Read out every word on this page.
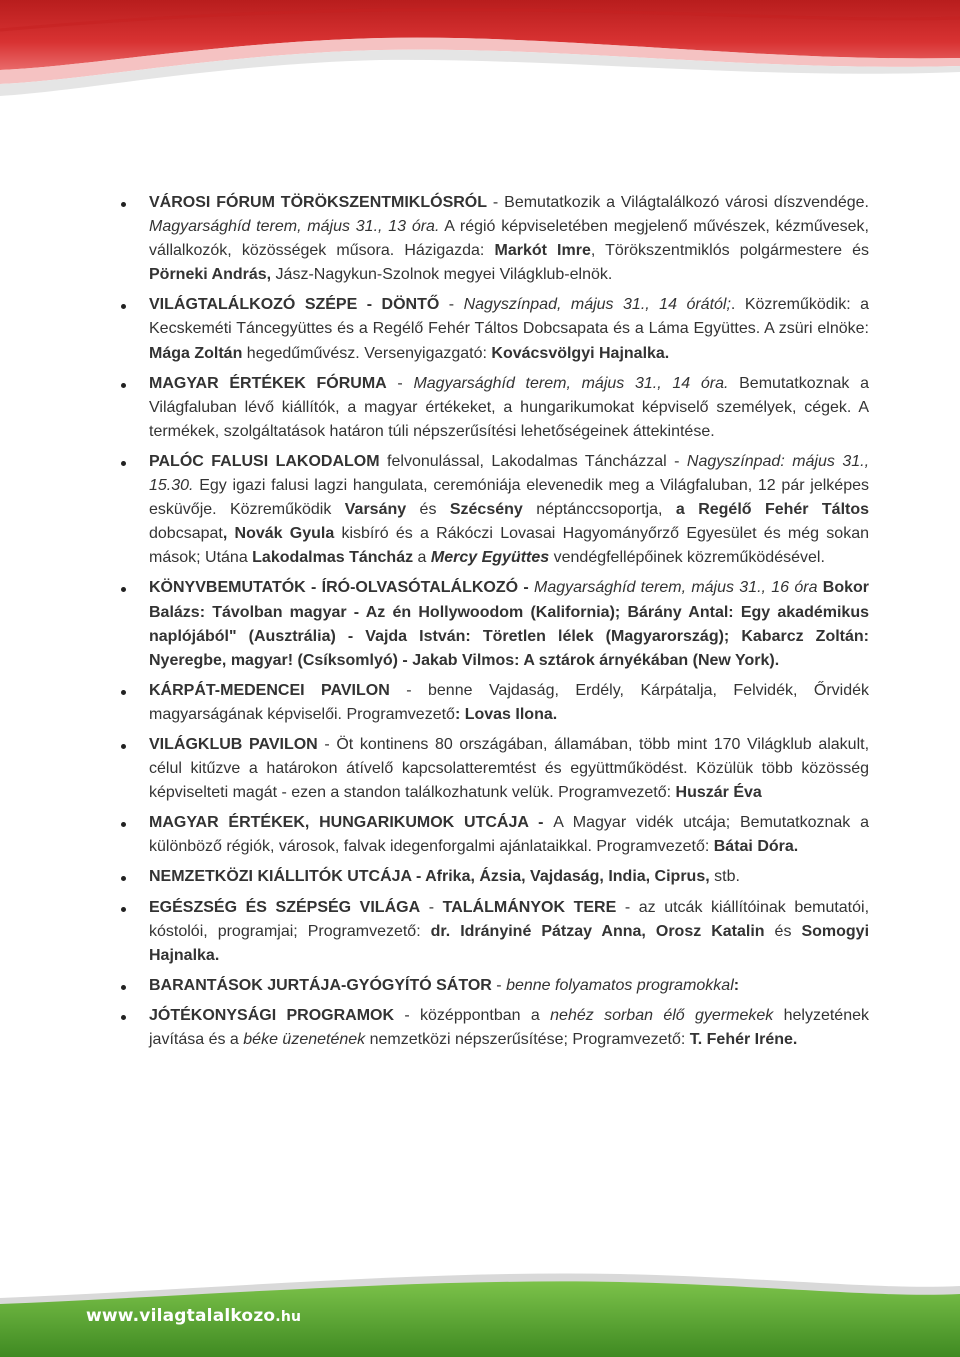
www.vilagtalalkozo.hu
VÁROSI FÓRUM TÖRÖKSZENTMIKLÓSRÓL - Bemutatkozik a Világtalálkozó városi díszvendége. Magyarsághíd terem, május 31., 13 óra. A régió képviseletében megjelenő művészek, kézművesek, vállalkozók, közösségek műsora. Házigazda: Markót Imre, Törökszentmiklós polgármestere és Pörneki András, Jász-Nagykun-Szolnok megyei Világklub-elnök.
VILÁGTALÁLKOZÓ SZÉPE - DÖNTŐ - Nagyszínpad, május 31., 14 órától;. Közreműködik: a Kecskeméti Táncegyüttes és a Regélő Fehér Táltos Dobcsapata és a Láma Együttes. A zsüri elnöke: Mága Zoltán hegedűművész. Versenyigazgató: Kovácsvölgyi Hajnalka.
MAGYAR ÉRTÉKEK FÓRUMA - Magyarsághíd terem, május 31., 14 óra. Bemutatkoznak a Világfaluban lévő kiállítók, a magyar értékeket, a hungarikumokat képviselő személyek, cégek. A termékek, szolgáltatások határon túli népszerűsítési lehetőségeinek áttekintése.
PALÓC FALUSI LAKODALOM felvonulással, Lakodalmas Táncházzal - Nagyszínpad: május 31., 15.30. Egy igazi falusi lagzi hangulata, ceremóniája elevenedik meg a Világfaluban, 12 pár jelképes esküvője. Közreműködik Varsány és Szécsény néptánccsoportja, a Regélő Fehér Táltos dobcsapat, Novák Gyula kisbíró és a Rákóczi Lovasai Hagyományőrző Egyesület és még sokan mások; Utána Lakodalmas Táncház a Mercy Együttes vendégfellépőinek közreműködésével.
KÖNYVBEMUTATÓK - ÍRÓ-OLVASÓTALÁLKOZÓ - Magyarsághíd terem, május 31., 16 óra Bokor Balázs: Távolban magyar - Az én Hollywoodom (Kalifornia); Bárány Antal: Egy akadémikus naplójából" (Ausztrália) - Vajda István: Töretlen lélek (Magyarország); Kabarcz Zoltán: Nyeregbe, magyar! (Csíksomlyó) - Jakab Vilmos: A sztárok árnyékában (New York).
KÁRPÁT-MEDENCEI PAVILON - benne Vajdaság, Erdély, Kárpátalja, Felvidék, Őrvidék magyarságának képviselői. Programvezető: Lovas Ilona.
VILÁGKLUB PAVILON - Öt kontinens 80 országában, államában, több mint 170 Világklub alakult, célul kitűzve a határokon átívelő kapcsolatteremtést és együttműködést. Közülük több közösség képviselteti magát - ezen a standon találkozhatunk velük. Programvezető: Huszár Éva
MAGYAR ÉRTÉKEK, HUNGARIKUMOK UTCÁJA - A Magyar vidék utcája; Bemutatkoznak a különböző régiók, városok, falvak idegenforgalmi ajánlataikkal. Programvezető: Bátai Dóra.
NEMZETKÖZI KIÁLLITÓK UTCÁJA - Afrika, Ázsia, Vajdaság, India, Ciprus, stb.
EGÉSZSÉG ÉS SZÉPSÉG VILÁGA - TALÁLMÁNYOK TERE - az utcák kiállítóinak bemutatói, kóstolói, programjai; Programvezető: dr. Idrányiné Pátzay Anna, Orosz Katalin és Somogyi Hajnalka.
BARANTÁSOK JURTÁJA-GYÓGYÍTÓ SÁTOR - benne folyamatos programokkal:
JÓTÉKONYSÁGI PROGRAMOK - középpontban a nehéz sorban élő gyermekek helyzetének javítása és a béke üzenetének nemzetközi népszerűsítése; Programvezető: T. Fehér Iréne.
